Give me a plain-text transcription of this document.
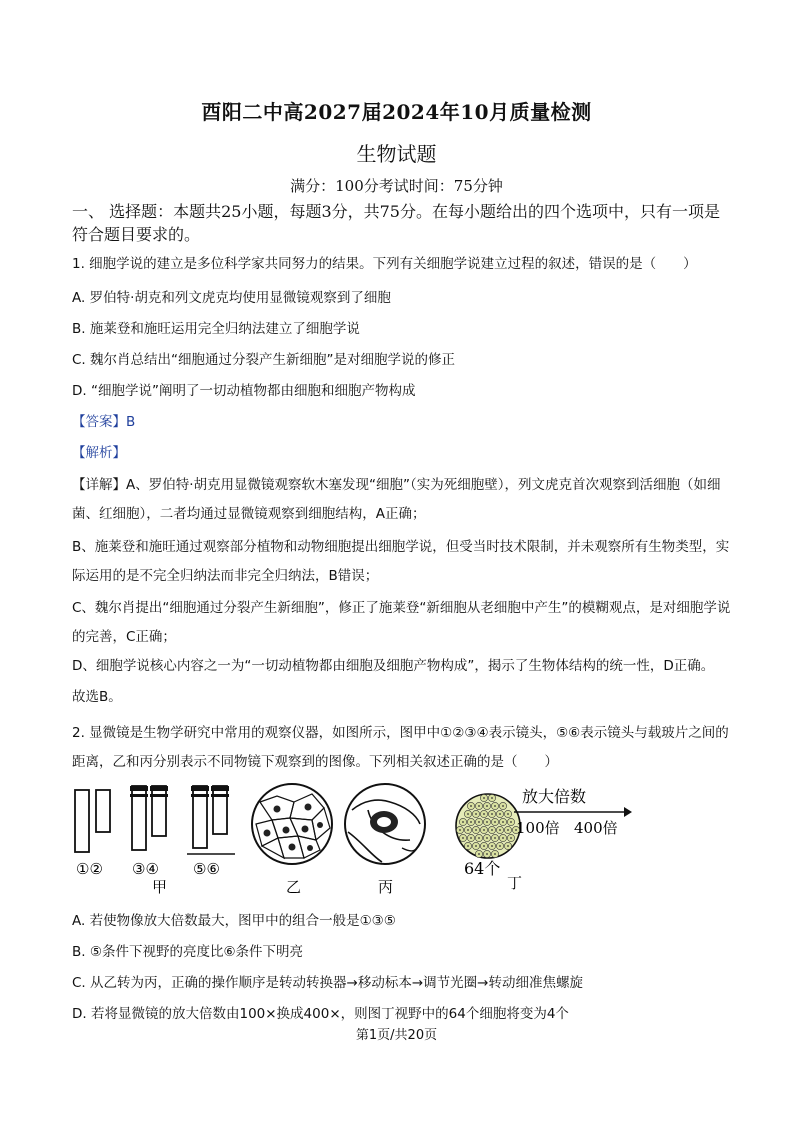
酉阳二中高2027届2024年10月质量检测
生物试题
满分：100分考试时间：75分钟
一、 选择题：本题共25小题，每题3分，共75分。在每小题给出的四个选项中，只有一项是符合题目要求的。
1. 细胞学说的建立是多位科学家共同努力的结果。下列有关细胞学说建立过程的叙述，错误的是（　　）
A. 罗伯特·胡克和列文虎克均使用显微镜观察到了细胞
B. 施莱登和施旺运用完全归纳法建立了细胞学说
C. 魏尔肖总结出“细胞通过分裂产生新细胞”是对细胞学说的修正
D. “细胞学说”阐明了一切动植物都由细胞和细胞产物构成
【答案】B
【解析】
【详解】A、罗伯特·胡克用显微镜观察软木塞发现“细胞”（实为死细胞壁），列文虎克首次观察到活细胞（如细菌、红细胞），二者均通过显微镜观察到细胞结构，A正确；
B、施莱登和施旺通过观察部分植物和动物细胞提出细胞学说，但受当时技术限制，并未观察所有生物类型，实际运用的是不完全归纳法而非完全归纳法，B错误；
C、魏尔肖提出“细胞通过分裂产生新细胞”，修正了施莱登“新细胞从老细胞中产生”的模糊观点，是对细胞学说的完善，C正确；
D、细胞学说核心内容之一为“一切动植物都由细胞及细胞产物构成”，揭示了生物体结构的统一性，D正确。
故选B。
2. 显微镜是生物学研究中常用的观察仪器，如图所示，图甲中①②③④表示镜头，⑤⑥表示镜头与载玻片之间的距离，乙和丙分别表示不同物镜下观察到的图像。下列相关叙述正确的是（　　）
①② ③④ ⑤⑥
甲	乙	丙
64个
丁
放大倍数
100倍 400倍
A. 若使物像放大倍数最大，图甲中的组合一般是①③⑤
B. ⑤条件下视野的亮度比⑥条件下明亮
C. 从乙转为丙，正确的操作顺序是转动转换器→移动标本→调节光圈→转动细准焦螺旋
D. 若将显微镜的放大倍数由100×换成400×，则图丁视野中的64个细胞将变为4个
第1页/共20页
